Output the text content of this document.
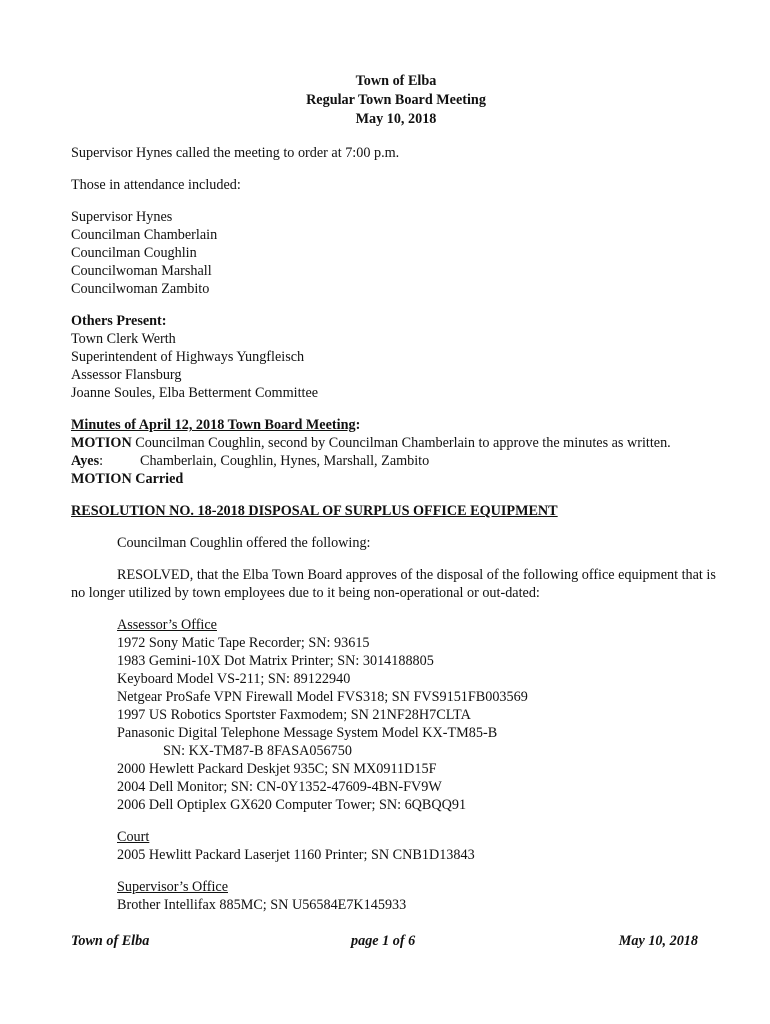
Town of Elba
Regular Town Board Meeting
May 10, 2018

Supervisor Hynes called the meeting to order at 7:00 p.m.

Those in attendance included:

Supervisor Hynes
Councilman Chamberlain
Councilman Coughlin
Councilwoman Marshall
Councilwoman Zambito
Others Present:
Town Clerk Werth
Superintendent of Highways Yungfleisch
Assessor Flansburg
Joanne Soules, Elba Betterment Committee
Minutes of April 12, 2018 Town Board Meeting:
MOTION Councilman Coughlin, second by Councilman Chamberlain to approve the minutes as written.
Ayes:	Chamberlain, Coughlin, Hynes, Marshall, Zambito
MOTION Carried

RESOLUTION NO. 18-2018 DISPOSAL OF SURPLUS OFFICE EQUIPMENT

Councilman Coughlin offered the following:

RESOLVED, that the Elba Town Board approves of the disposal of the following office equipment that is no longer utilized by town employees due to it being non-operational or out-dated:

Assessor’s Office
1972 Sony Matic Tape Recorder; SN: 93615
1983 Gemini-10X Dot Matrix Printer; SN: 3014188805
Keyboard Model VS-211; SN: 89122940
Netgear ProSafe VPN Firewall Model FVS318; SN FVS9151FB003569
1997 US Robotics Sportster Faxmodem; SN 21NF28H7CLTA
Panasonic Digital Telephone Message System Model KX-TM85-B
SN: KX-TM87-B 8FASA056750
2000 Hewlett Packard Deskjet 935C; SN MX0911D15F
2004 Dell Monitor; SN: CN-0Y1352-47609-4BN-FV9W
2006 Dell Optiplex GX620 Computer Tower; SN: 6QBQQ91
Court
2005 Hewlitt Packard Laserjet 1160 Printer; SN CNB1D13843
Supervisor’s Office
Brother Intellifax 885MC; SN U56584E7K145933
Town of Elba	page 1 of 6	May 10, 2018
